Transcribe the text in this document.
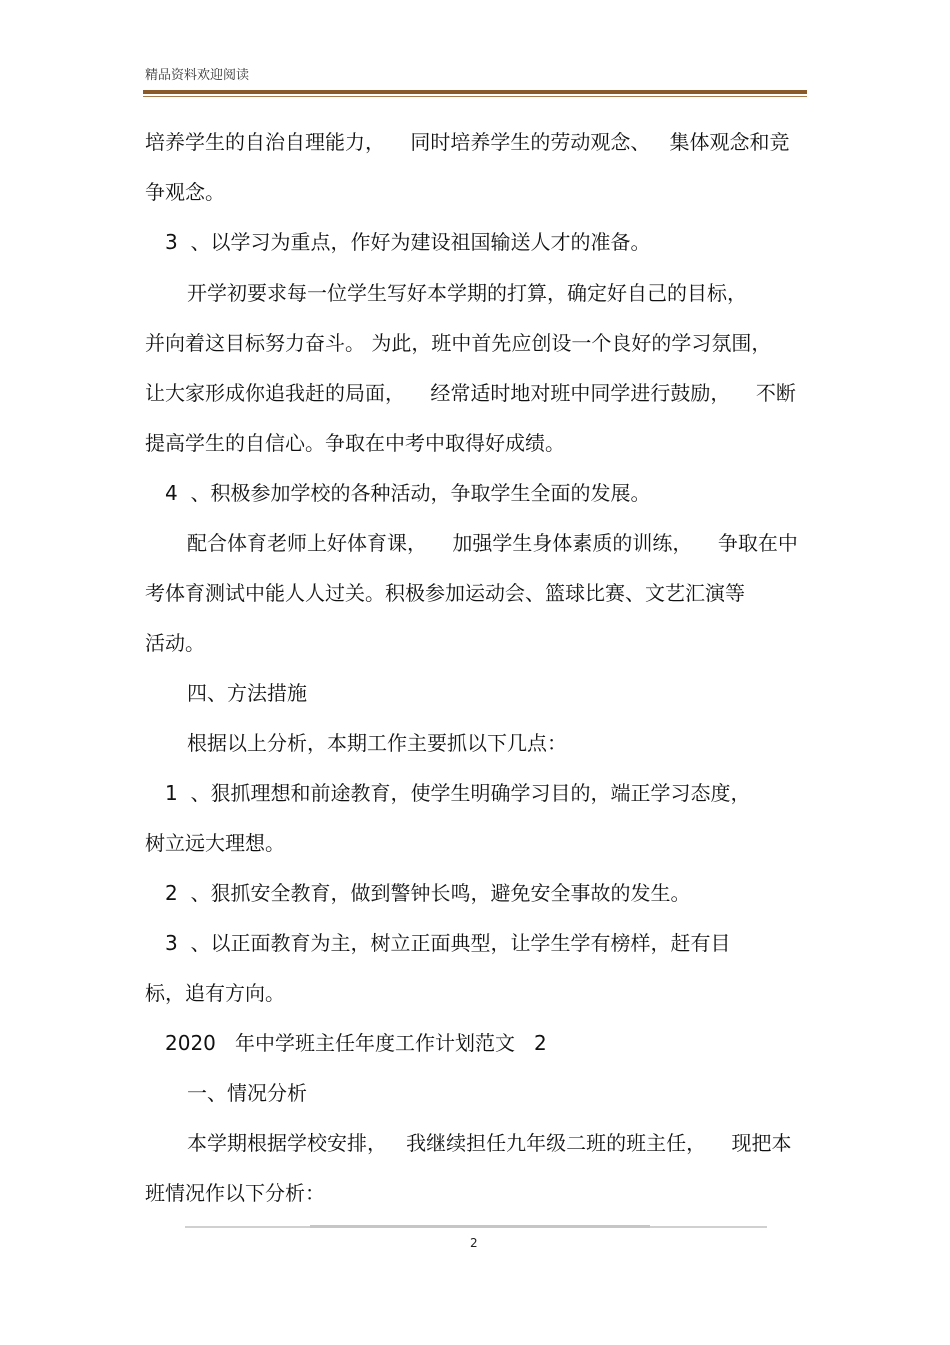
精品资料欢迎阅读
培养学生的自治自理能力，    同时培养学生的劳动观念、   集体观念和竞
争观念。
3  、以学习为重点，作好为建设祖国输送人才的准备。
开学初要求每一位学生写好本学期的打算，确定好自己的目标，
并向着这目标努力奋斗。 为此，班中首先应创设一个良好的学习氛围，
让大家形成你追我赶的局面，    经常适时地对班中同学进行鼓励，    不断
提高学生的自信心。争取在中考中取得好成绩。
4  、积极参加学校的各种活动，争取学生全面的发展。
配合体育老师上好体育课，    加强学生身体素质的训练，    争取在中
考体育测试中能人人过关。积极参加运动会、篮球比赛、文艺汇演等
活动。
四、方法措施
根据以上分析，本期工作主要抓以下几点：
1  、狠抓理想和前途教育，使学生明确学习目的，端正学习态度，
树立远大理想。
2  、狠抓安全教育，做到警钟长鸣，避免安全事故的发生。
3  、以正面教育为主，树立正面典型，让学生学有榜样，赶有目
标，追有方向。
2020   年中学班主任年度工作计划范文   2
一、情况分析
本学期根据学校安排，   我继续担任九年级二班的班主任，    现把本
班情况作以下分析：
2
